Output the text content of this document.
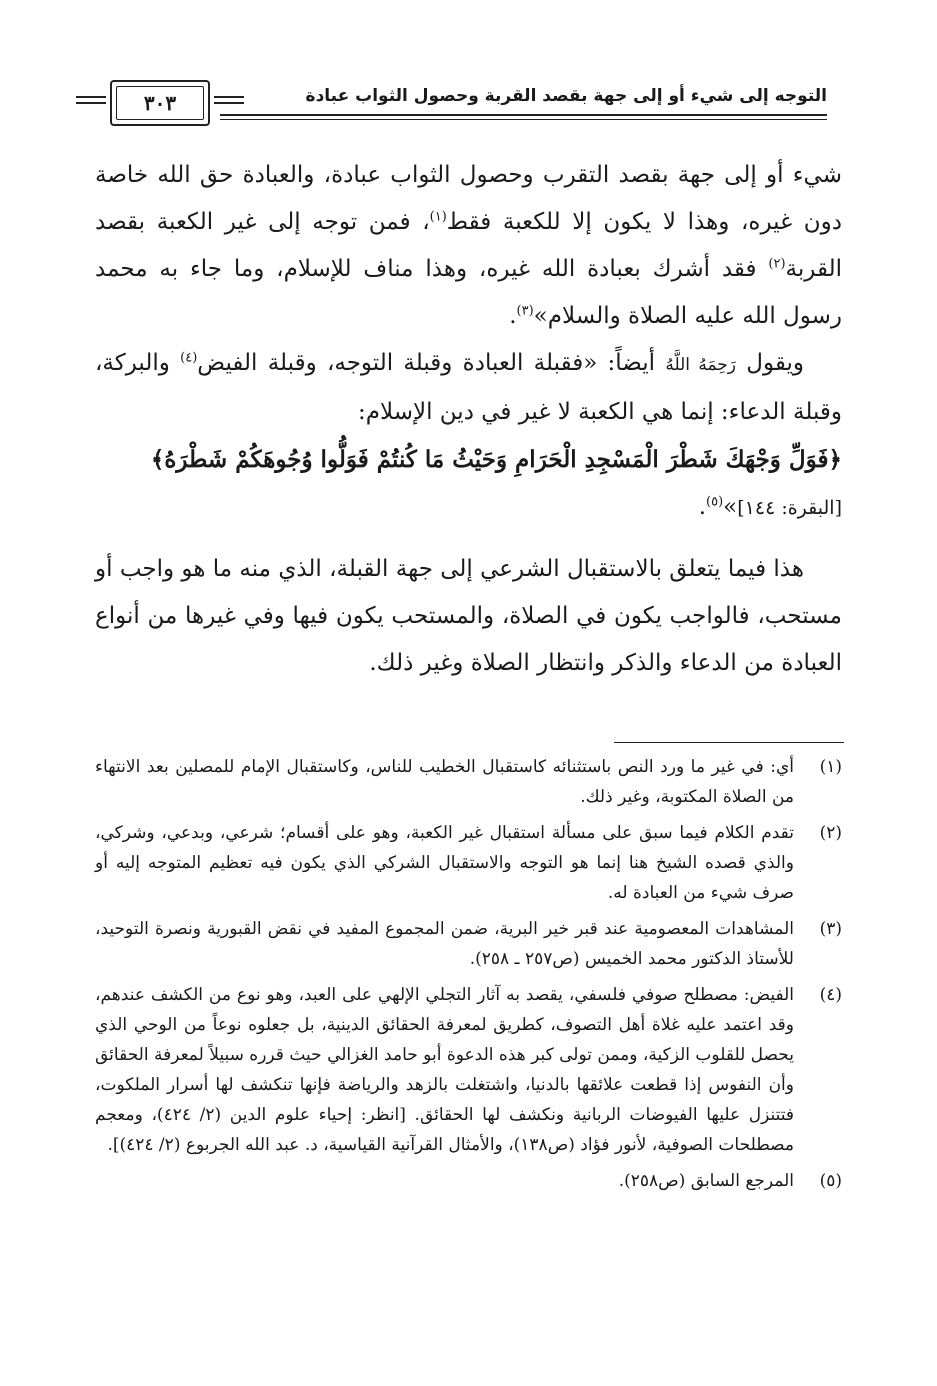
التوجه إلى شيء أو إلى جهة بقصد القربة وحصول الثواب عبادة
٣٠٣

شيء أو إلى جهة بقصد التقرب وحصول الثواب عبادة، والعبادة حق الله خاصة دون غيره، وهذا لا يكون إلا للكعبة فقط$^{(١)}$، فمن توجه إلى غير الكعبة بقصد القربة$^{(٢)}$ فقد أشرك بعبادة الله غيره، وهذا مناف للإسلام، وما جاء به محمد رسول الله عليه الصلاة والسلام»$^{(٣)}$.

ويقول رَحِمَهُ اللَّهُ أيضاً: «فقبلة العبادة وقبلة التوجه، وقبلة الفيض$^{(٤)}$ والبركة، وقبلة الدعاء: إنما هي الكعبة لا غير في دين الإسلام:

﴿فَوَلِّ وَجْهَكَ شَطْرَ الْمَسْجِدِ الْحَرَامِ وَحَيْثُ مَا كُنتُمْ فَوَلُّوا وُجُوهَكُمْ شَطْرَهُ﴾

[البقرة: ١٤٤]»$^{(٥)}$.

هذا فيما يتعلق بالاستقبال الشرعي إلى جهة القبلة، الذي منه ما هو واجب أو مستحب، فالواجب يكون في الصلاة، والمستحب يكون فيها وفي غيرها من أنواع العبادة من الدعاء والذكر وانتظار الصلاة وغير ذلك.

(١)
أي: في غير ما ورد النص باستثنائه كاستقبال الخطيب للناس، وكاستقبال الإمام للمصلين بعد الانتهاء من الصلاة المكتوبة، وغير ذلك.
(٢)
تقدم الكلام فيما سبق على مسألة استقبال غير الكعبة، وهو على أقسام؛ شرعي، وبدعي، وشركي، والذي قصده الشيخ هنا إنما هو التوجه والاستقبال الشركي الذي يكون فيه تعظيم المتوجه إليه أو صرف شيء من العبادة له.
(٣)
المشاهدات المعصومية عند قبر خير البرية، ضمن المجموع المفيد في نقض القبورية ونصرة التوحيد، للأستاذ الدكتور محمد الخميس (ص٢٥٧ ـ ٢٥٨).
(٤)
الفيض: مصطلح صوفي فلسفي، يقصد به آثار التجلي الإلهي على العبد، وهو نوع من الكشف عندهم، وقد اعتمد عليه غلاة أهل التصوف، كطريق لمعرفة الحقائق الدينية، بل جعلوه نوعاً من الوحي الذي يحصل للقلوب الزكية، وممن تولى كبر هذه الدعوة أبو حامد الغزالي حيث قرره سبيلاً لمعرفة الحقائق وأن النفوس إذا قطعت علائقها بالدنيا، واشتغلت بالزهد والرياضة فإنها تنكشف لها أسرار الملكوت، فتتنزل عليها الفيوضات الربانية ونكشف لها الحقائق. [انظر: إحياء علوم الدين (٢/ ٤٢٤)، ومعجم مصطلحات الصوفية، لأنور فؤاد (ص١٣٨)، والأمثال القرآنية القياسية، د. عبد الله الجربوع (٢/ ٤٢٤)].
(٥)
المرجع السابق (ص٢٥٨).
